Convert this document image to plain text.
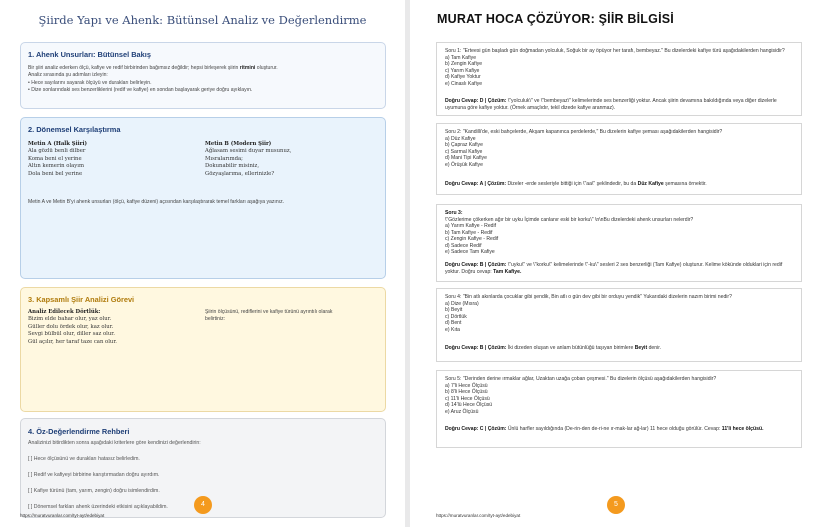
Şiirde Yapı ve Ahenk: Bütünsel Analiz ve Değerlendirme
1. Ahenk Unsurları: Bütünsel Bakış
Bir şiiri analiz ederken ölçü, kafiye ve redif birbirinden bağımsız değildir; hepsi birleşerek şiirin ritmini oluşturur.
Analiz sırasında şu adımları izleyin:
• Hece sayılarını sayarak ölçüyü ve durakları belirleyin.
• Dize sonlarındaki ses benzerliklerini (redif ve kafiye) en sondan başlayarak geriye doğru ayıklayın.
2. Dönemsel Karşılaştırma
Metin A (Halk Şiiri)
Ala gözlü benli dilber
Koma beni el yerine
Altın kemerin olayım
Dola beni bel yerine
Metin B (Modern Şiir)
Ağlasam sesimi duyar musunuz,
Mısralarımda;
Dokunabilir misiniz,
Gözyaşlarıma, ellerinizle?
Metin A ve Metin B'yi ahenk unsurları (ölçü, kafiye düzeni) açısından karşılaştırarak temel farkları aşağıya yazınız.
3. Kapsamlı Şiir Analizi Görevi
Analiz Edilecek Dörtlük:
Bizim elde bahar olur, yaz olur.
Güller dolu ördek olur, kaz olur.
Sevgi bülbül olur, diller saz olur.
Gül açılır, her taraf taze can olur.
Şiirin ölçüsünü, rediflerini ve kafiye türünü ayrıntılı olarak belirtiniz:
4. Öz-Değerlendirme Rehberi
Analizinizi bitirdikten sonra aşağıdaki kriterlere göre kendinizi değerlendirin:
[ ] Hece ölçüsünü ve durakları hatasız belirledim.
[ ] Redif ve kafiyeyi birbirine karıştırmadan doğru ayırdım.
[ ] Kafiye türünü (tam, yarım, zengin) doğru isimlendirdim.
[ ] Dönemsel farkları ahenk üzerindeki etkisini açıklayabildim.
https://muratvuranlar.com/tyt-ayt/edebiyat
4
MURAT HOCA ÇÖZÜYOR: ŞİİR BİLGİSİ
Soru 1: "Erteesi gün başladı gün doğmadan yolculuk, Soğuk bir ay öpüyor her tarafı, bembeyaz." Bu dizelerdeki kafiye türü aşağıdakilerden hangisidir?
a) Tam Kafiye
b) Zengin Kafiye
c) Yarım Kafiye
d) Kafiye Yoktur
e) Cinaslı Kafiye
Doğru Cevap: D | Çözüm: \"yolculuk\" ve \"bembeyaz\" kelimelerinde ses benzerliği yoktur. Ancak şiirin devamına bakıldığında veya diğer dizelerle uyumuna göre kafiye yoktur. (Örnek amaçlıdır, tekil dizede kafiye aranmaz).
Soru 2: "Kandilli'de, eski bahçelerde, Akşam kapanınca perdelerde," Bu dizelerin kafiye şeması aşağıdakilerden hangisidir?
a) Düz Kafiye
b) Çapraz Kafiye
c) Sarmal Kafiye
d) Mani Tipi Kafiye
e) Örüşük Kafiye
Doğru Cevap: A | Çözüm: Dizeler -erde sesleriyle bittiği için \"aa\" şeklindedir, bu da Düz Kafiye şemasına örnektir.
Soru 3:
\"Gözlerime çökerken ağır bir uyku İçimde canlanır eski bir korku\" \n\nBu dizelerdeki ahenk unsurları nelerdir?
a) Yarım Kafiye - Redif
b) Tam Kafiye - Redif
c) Zengin Kafiye - Redif
d) Sadece Redif
e) Sadece Tam Kafiye
Doğru Cevap: B | Çözüm: \"uyku\" ve \"korku\" kelimelerinde \"-ku\" sesleri 2 ses benzerliği (Tam Kafiye) oluşturur. Kelime kökünde olduklari için redif yoktur. Doğru cevap: Tam Kafiye.
Soru 4: "Bin atlı akınlarda çocuklar gibi şendik, Bin atlı o gün dev gibi bir orduyu yendik" Yukarıdaki dizelerin nazım birimi nedir?
a) Dize (Mısra)
b) Beyit
c) Dörtlük
d) Bent
e) Kıta
Doğru Cevap: B | Çözüm: İki dizeden oluşan ve anlam bütünlüğü taşıyan birimlere Beyit denir.
Soru 5: "Derinden derine ırmaklar ağlar, Uzaktan uzağa çoban çeşmesi." Bu dizelerin ölçüsü aşağıdakilerden hangisidir?
a) 7'li Hece Ölçüsü
b) 8'li Hece Ölçüsü
c) 11'li Hece Ölçüsü
d) 14'lü Hece Ölçüsü
e) Aruz Ölçüsü
Doğru Cevap: C | Çözüm: Ünlü harfler sayıldığında (De-rin-den de-ri-ne ır-mak-lar ağ-lar) 11 hece olduğu görülür. Cevap: 11'li hece ölçüsü.
https://muratvuranlar.com/tyt-ayt/edebiyat
5
